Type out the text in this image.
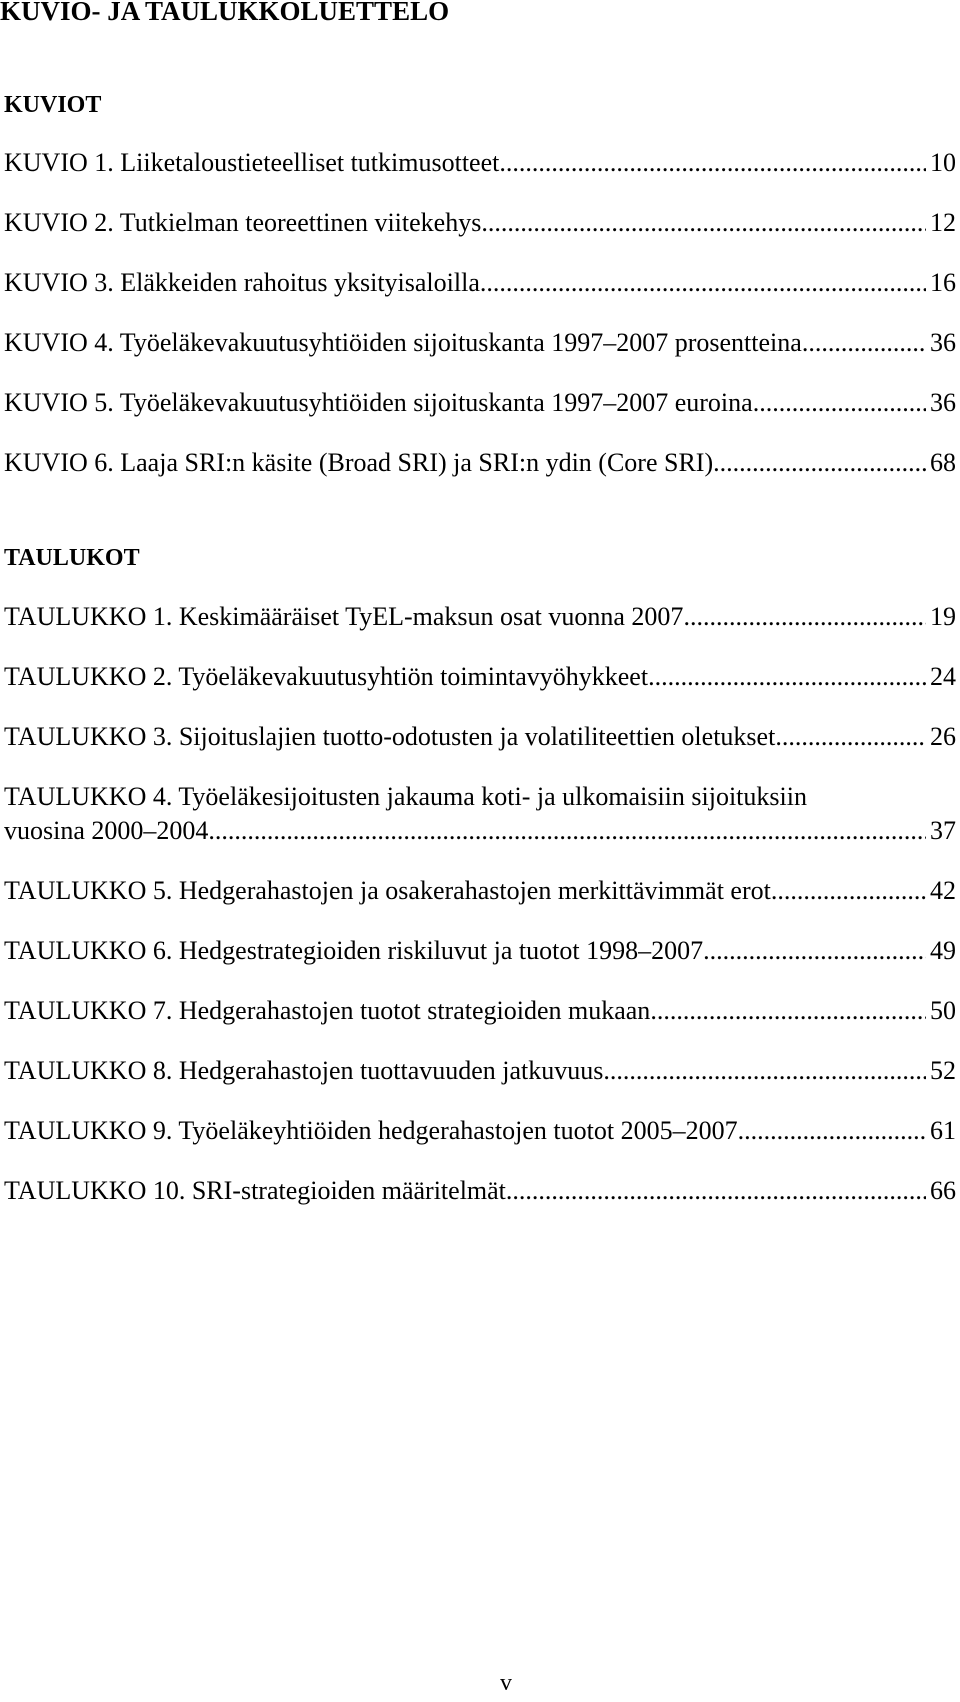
KUVIO- JA TAULUKKOLUETTELO
KUVIOT
KUVIO 1. Liiketaloustieteelliset tutkimusotteet. .....	10
KUVIO 2. Tutkielman teoreettinen viitekehys. .....	12
KUVIO 3. Eläkkeiden rahoitus yksityisaloilla. .....	16
KUVIO 4. Työeläkevakuutusyhtiöiden sijoituskanta 1997–2007 prosentteina .....	36
KUVIO 5. Työeläkevakuutusyhtiöiden sijoituskanta 1997–2007 euroina .....	36
KUVIO 6. Laaja SRI:n käsite (Broad SRI) ja SRI:n ydin (Core SRI) .....	68
TAULUKOT
TAULUKKO 1. Keskimääräiset TyEL-maksun osat vuonna 2007 .....	19
TAULUKKO 2. Työeläkevakuutusyhtiön toimintavyöhykkeet .....	24
TAULUKKO 3. Sijoituslajien tuotto-odotusten ja volatiliteettien oletukset .....	26
TAULUKKO 4. Työeläkesijoitusten jakauma koti- ja ulkomaisiin sijoituksiin
vuosina 2000–2004 .....	37
TAULUKKO 5. Hedgerahastojen ja osakerahastojen merkittävimmät erot .....	42
TAULUKKO 6. Hedgestrategioiden riskiluvut ja tuotot 1998–2007 .....	49
TAULUKKO 7. Hedgerahastojen tuotot strategioiden mukaan .....	50
TAULUKKO 8. Hedgerahastojen tuottavuuden jatkuvuus .....	52
TAULUKKO 9. Työeläkeyhtiöiden hedgerahastojen tuotot 2005–2007 .....	61
TAULUKKO 10. SRI-strategioiden määritelmät .....	66
v
